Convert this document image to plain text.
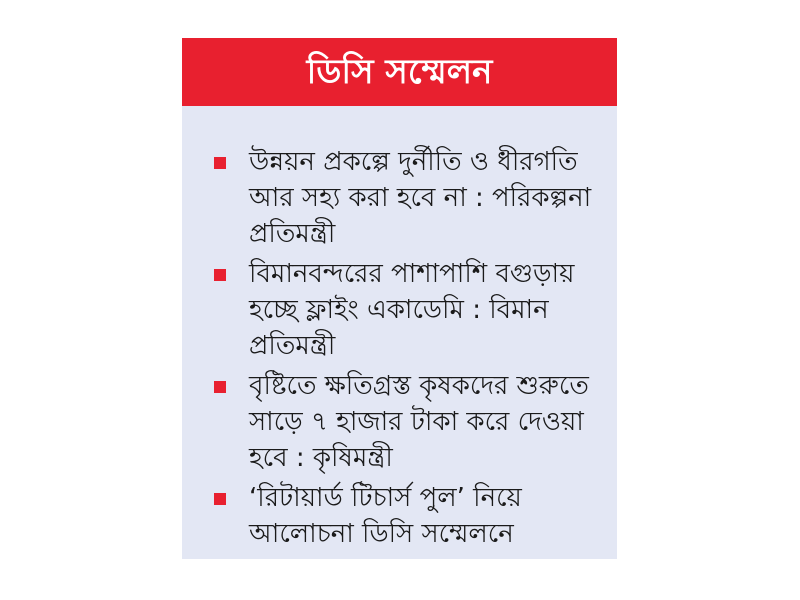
ডিসি সম্মেলন
উন্নয়ন প্রকল্পে দুর্নীতি ও ধীরগতি আর সহ্য করা হবে না : পরিকল্পনা প্রতিমন্ত্রী
বিমানবন্দরের পাশাপাশি বগুড়ায় হচ্ছে ফ্লাইং একাডেমি : বিমান প্রতিমন্ত্রী
বৃষ্টিতে ক্ষতিগ্রস্ত কৃষকদের শুরুতে সাড়ে ৭ হাজার টাকা করে দেওয়া হবে : কৃষিমন্ত্রী
‘রিটায়ার্ড টিচার্স পুল’ নিয়ে আলোচনা ডিসি সম্মেলনে
